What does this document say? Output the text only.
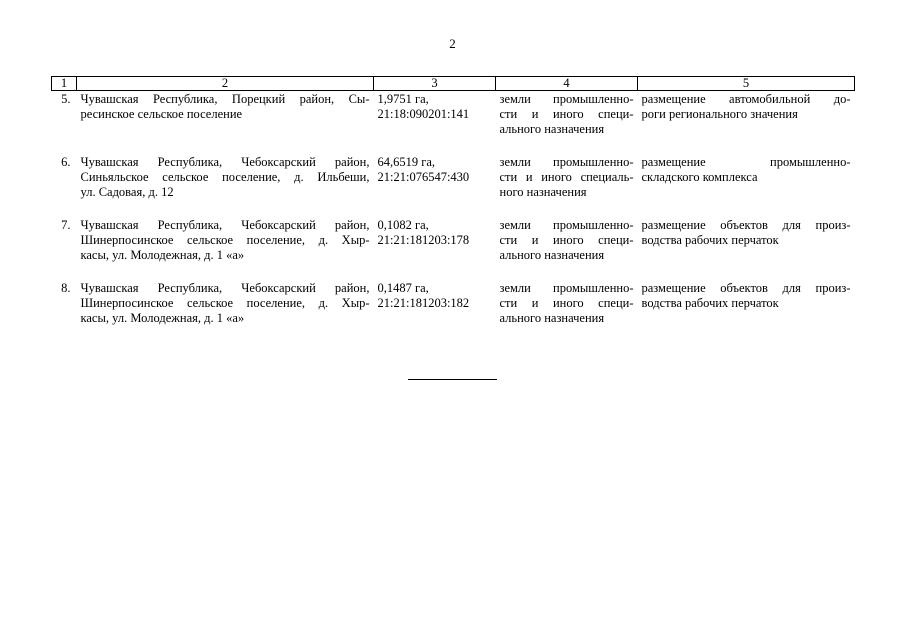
2
1	2	3	4	5
5.	Чувашская Республика, Порецкий район, Сы-
ресинское сельское поселение	1,9751 га,
21:18:090201:141	земли промышленно-
сти и иного специ-
ального назначения	размещение автомобильной до-
роги регионального значения

6.	Чувашская Республика, Чебоксарский район,
Синьяльское сельское поселение, д. Ильбеши,
ул. Садовая, д. 12	64,6519 га,
21:21:076547:430	земли промышленно-
сти и иного специаль-
ного назначения	размещение промышленно-
складского комплекса

7.	Чувашская Республика, Чебоксарский район,
Шинерпосинское сельское поселение, д. Хыр-
касы, ул. Молодежная, д. 1 «а»	0,1082 га,
21:21:181203:178	земли промышленно-
сти и иного специ-
ального назначения	размещение объектов для произ-
водства рабочих перчаток

8.	Чувашская Республика, Чебоксарский район,
Шинерпосинское сельское поселение, д. Хыр-
касы, ул. Молодежная, д. 1 «а»	0,1487 га,
21:21:181203:182	земли промышленно-
сти и иного специ-
ального назначения	размещение объектов для произ-
водства рабочих перчаток
